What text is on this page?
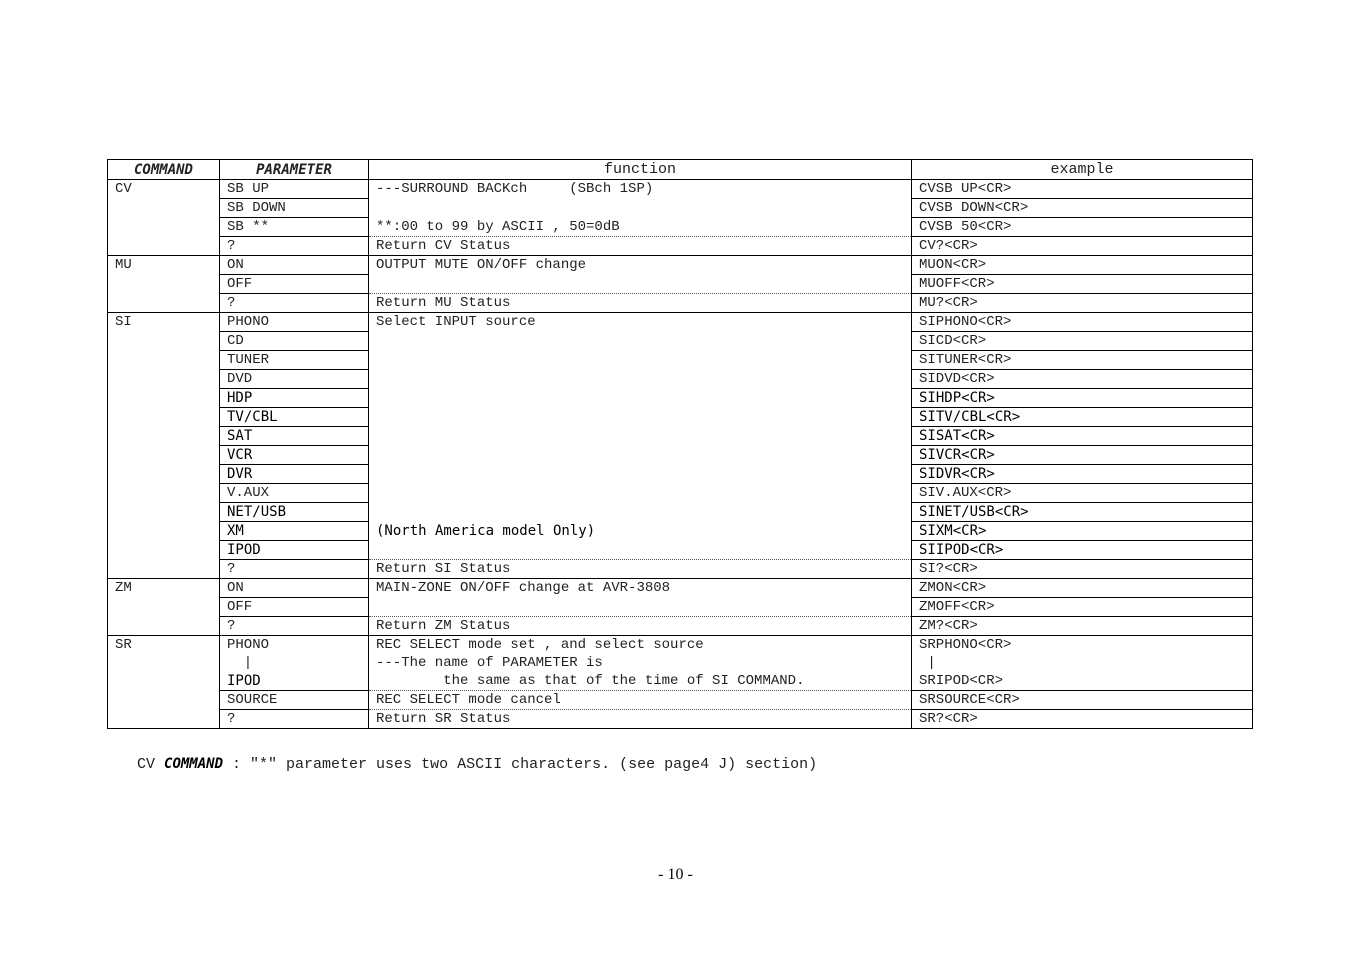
COMMAND	PARAMETER	function	example
CV	SB UP	---SURROUND BACKch     (SBch 1SP)	CVSB UP<CR>
	SB DOWN		CVSB DOWN<CR>
	SB **	**:00 to 99 by ASCII , 50=0dB	CVSB 50<CR>
	?	Return CV Status	CV?<CR>
MU	ON	OUTPUT MUTE ON/OFF change	MUON<CR>
	OFF		MUOFF<CR>
	?	Return MU Status	MU?<CR>
SI	PHONO	Select INPUT source	SIPHONO<CR>
	CD		SICD<CR>
	TUNER		SITUNER<CR>
	DVD		SIDVD<CR>
	HDP		SIHDP<CR>
	TV/CBL		SITV/CBL<CR>
	SAT		SISAT<CR>
	VCR		SIVCR<CR>
	DVR		SIDVR<CR>
	V.AUX		SIV.AUX<CR>
	NET/USB		SINET/USB<CR>
	XM	(North America model Only)	SIXM<CR>
	IPOD		SIIPOD<CR>
	?	Return SI Status	SI?<CR>
ZM	ON	MAIN-ZONE ON/OFF change at AVR-3808	ZMON<CR>
	OFF		ZMOFF<CR>
	?	Return ZM Status	ZM?<CR>
SR	PHONO	REC SELECT mode set , and select source	SRPHONO<CR>
	|	---The name of PARAMETER is	|
	IPOD	the same as that of the time of SI COMMAND.	SRIPOD<CR>
	SOURCE	REC SELECT mode cancel	SRSOURCE<CR>
	?	Return SR Status	SR?<CR>
CV COMMAND : "*" parameter uses two ASCII characters. (see page4 J) section)
- 10 -
